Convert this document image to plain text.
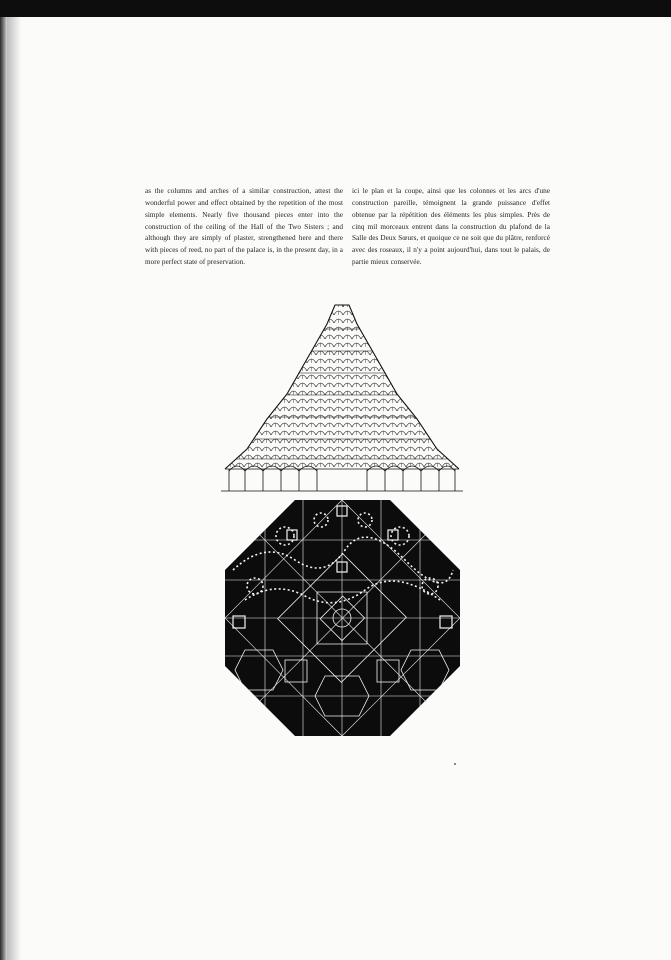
as the columns and arches of a similar construction, attest the wonderful power and effect obtained by the repetition of the most simple elements. Nearly five thousand pieces enter into the construction of the ceiling of the Hall of the Two Sisters ; and although they are simply of plaster, strengthened here and there with pieces of reed, no part of the palace is, in the present day, in a more perfect state of preservation.

ici le plan et la coupe, ainsi que les colonnes et les arcs d'une construction pareille, témoignent la grande puissance d'effet obtenue par la répétition des éléments les plus simples. Près de cinq mil morceaux entrent dans la construction du plafond de la Salle des Deux Sœurs, et quoique ce ne soit que du plâtre, renforcé avec des roseaux, il n'y a point aujourd'hui, dans tout le palais, de partie mieux conservée.
